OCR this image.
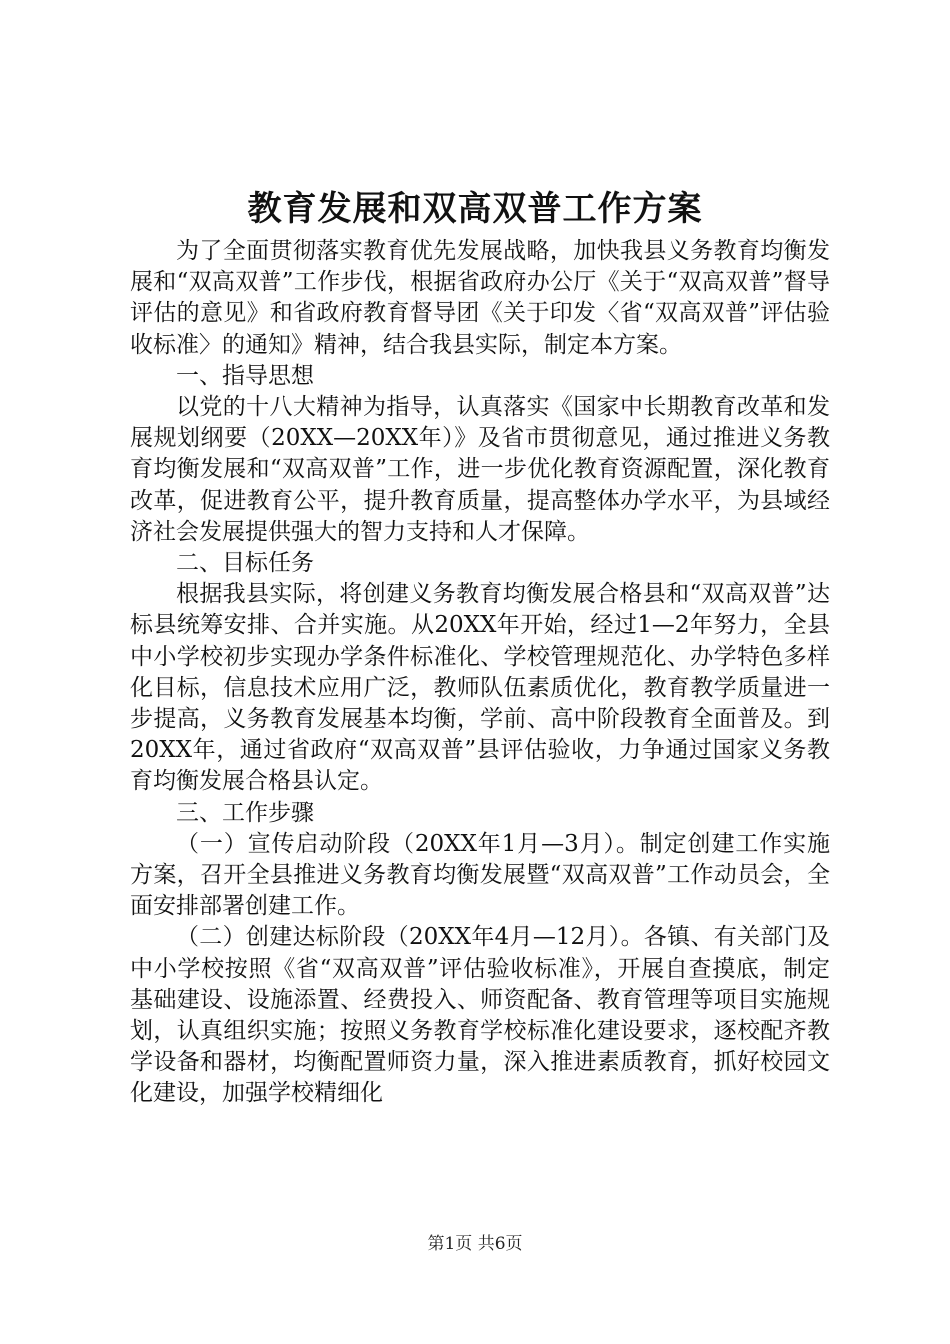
教育发展和双高双普工作方案

为了全面贯彻落实教育优先发展战略，加快我县义务教育均衡发展和“双高双普”工作步伐，根据省政府办公厅《关于“双高双普”督导评估的意见》和省政府教育督导团《关于印发〈省“双高双普”评估验收标准〉的通知》精神，结合我县实际，制定本方案。

一、指导思想

以党的十八大精神为指导，认真落实《国家中长期教育改革和发展规划纲要（20XX—20XX年）》及省市贯彻意见，通过推进义务教育均衡发展和“双高双普”工作，进一步优化教育资源配置，深化教育改革，促进教育公平，提升教育质量，提高整体办学水平，为县域经济社会发展提供强大的智力支持和人才保障。

二、目标任务

根据我县实际，将创建义务教育均衡发展合格县和“双高双普”达标县统筹安排、合并实施。从20XX年开始，经过1—2年努力，全县中小学校初步实现办学条件标准化、学校管理规范化、办学特色多样化目标，信息技术应用广泛，教师队伍素质优化，教育教学质量进一步提高，义务教育发展基本均衡，学前、高中阶段教育全面普及。到20XX年，通过省政府“双高双普”县评估验收，力争通过国家义务教育均衡发展合格县认定。

三、工作步骤

（一）宣传启动阶段（20XX年1月—3月）。制定创建工作实施方案，召开全县推进义务教育均衡发展暨“双高双普”工作动员会，全面安排部署创建工作。

（二）创建达标阶段（20XX年4月—12月）。各镇、有关部门及中小学校按照《省“双高双普”评估验收标准》，开展自查摸底，制定基础建设、设施添置、经费投入、师资配备、教育管理等项目实施规划，认真组织实施；按照义务教育学校标准化建设要求，逐校配齐教学设备和器材，均衡配置师资力量，深入推进素质教育，抓好校园文化建设，加强学校精细化

第1页 共6页
